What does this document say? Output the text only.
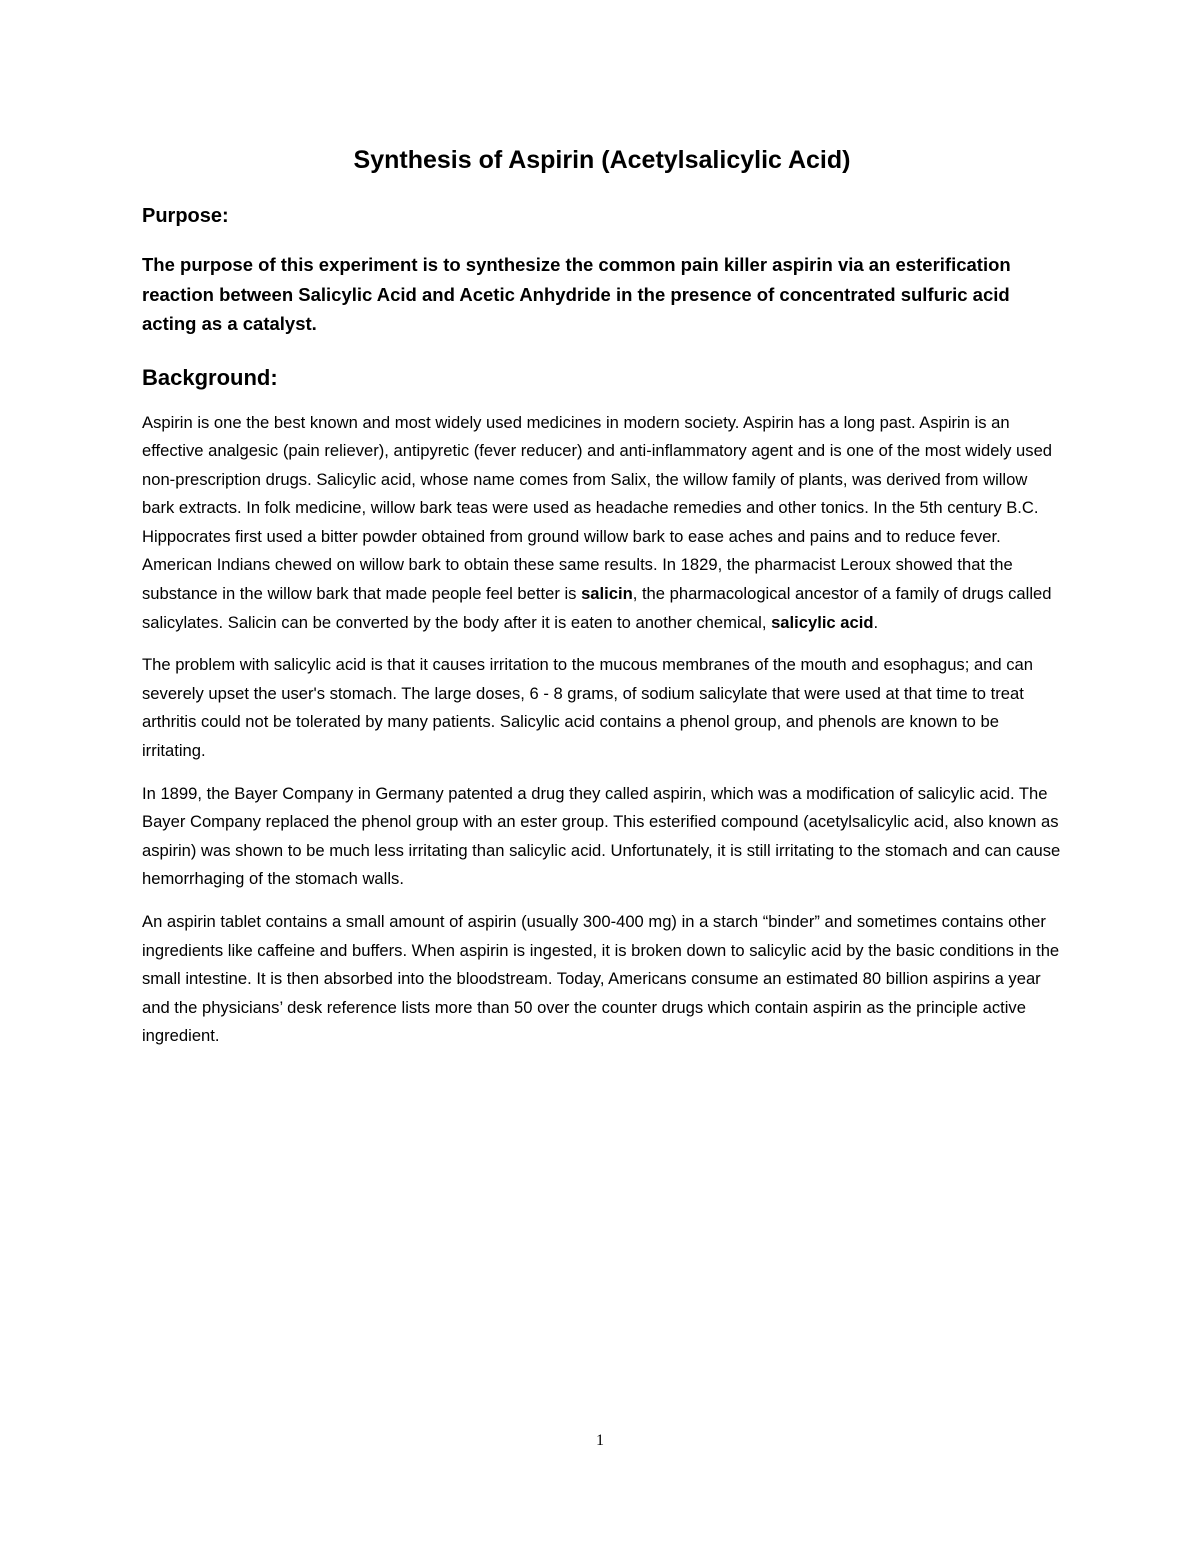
Synthesis of Aspirin (Acetylsalicylic Acid)
Purpose:

The purpose of this experiment is to synthesize the common pain killer aspirin via an esterification reaction between Salicylic Acid and Acetic Anhydride in the presence of concentrated sulfuric acid acting as a catalyst.

Background:

Aspirin is one the best known and most widely used medicines in modern society. Aspirin has a long past. Aspirin is an effective analgesic (pain reliever), antipyretic (fever reducer) and anti-inflammatory agent and is one of the most widely used non-prescription drugs. Salicylic acid, whose name comes from Salix, the willow family of plants, was derived from willow bark extracts. In folk medicine, willow bark teas were used as headache remedies and other tonics. In the 5th century B.C. Hippocrates first used a bitter powder obtained from ground willow bark to ease aches and pains and to reduce fever. American Indians chewed on willow bark to obtain these same results. In 1829, the pharmacist Leroux showed that the substance in the willow bark that made people feel better is salicin, the pharmacological ancestor of a family of drugs called salicylates. Salicin can be converted by the body after it is eaten to another chemical, salicylic acid.

The problem with salicylic acid is that it causes irritation to the mucous membranes of the mouth and esophagus; and can severely upset the user's stomach. The large doses, 6 - 8 grams, of sodium salicylate that were used at that time to treat arthritis could not be tolerated by many patients. Salicylic acid contains a phenol group, and phenols are known to be irritating.

In 1899, the Bayer Company in Germany patented a drug they called aspirin, which was a modification of salicylic acid. The Bayer Company replaced the phenol group with an ester group. This esterified compound (acetylsalicylic acid, also known as aspirin) was shown to be much less irritating than salicylic acid. Unfortunately, it is still irritating to the stomach and can cause hemorrhaging of the stomach walls.

An aspirin tablet contains a small amount of aspirin (usually 300-400 mg) in a starch “binder” and sometimes contains other ingredients like caffeine and buffers. When aspirin is ingested, it is broken down to salicylic acid by the basic conditions in the small intestine. It is then absorbed into the bloodstream. Today, Americans consume an estimated 80 billion aspirins a year and the physicians’ desk reference lists more than 50 over the counter drugs which contain aspirin as the principle active ingredient.

1
